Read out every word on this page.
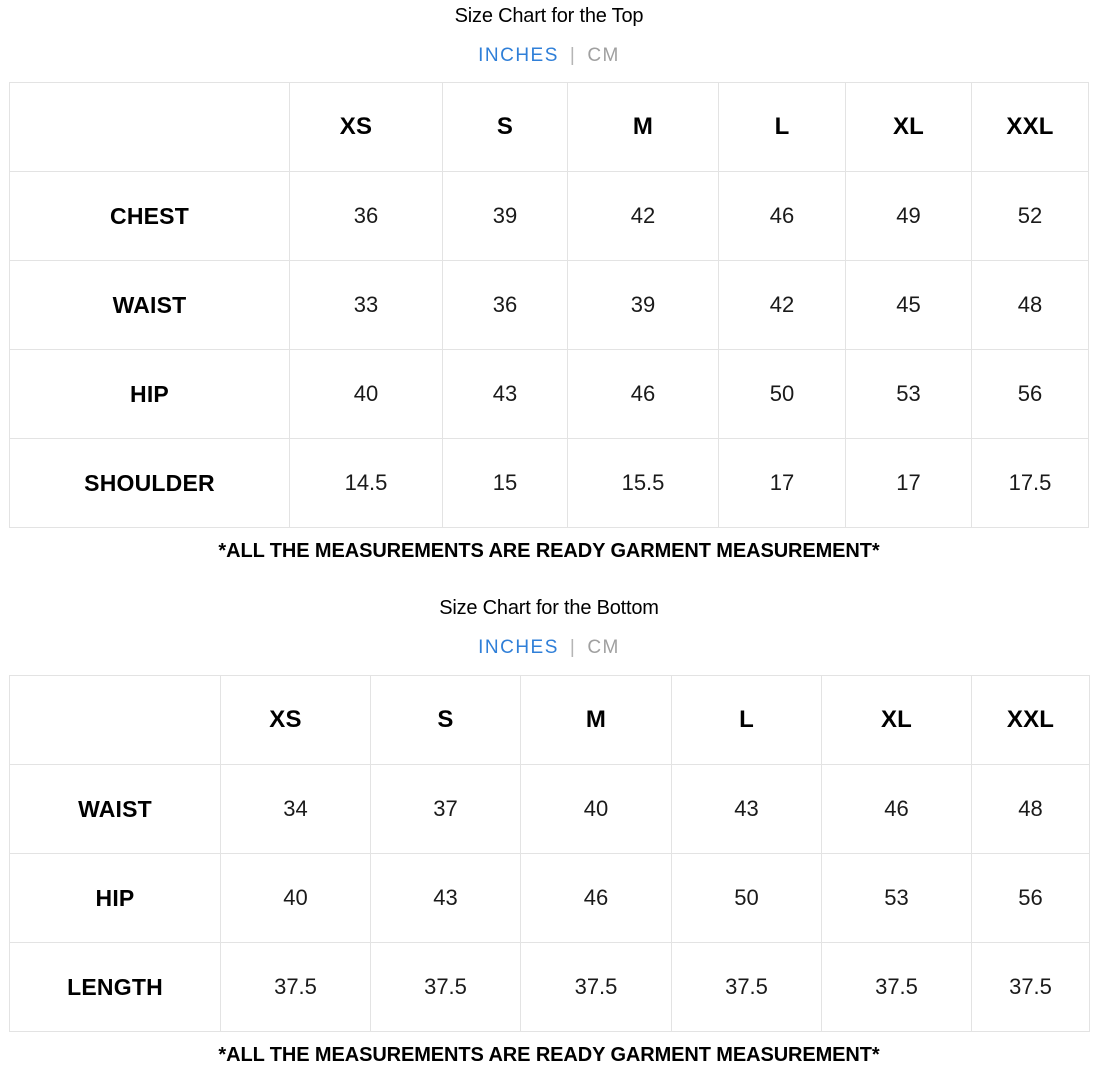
Size Chart for the Top
INCHES | CM
	XS	S	M	L	XL	XXL
CHEST	36	39	42	46	49	52
WAIST	33	36	39	42	45	48
HIP	40	43	46	50	53	56
SHOULDER	14.5	15	15.5	17	17	17.5
*ALL THE MEASUREMENTS ARE READY GARMENT MEASUREMENT*
Size Chart for the Bottom
INCHES | CM
	XS	S	M	L	XL	XXL
WAIST	34	37	40	43	46	48
HIP	40	43	46	50	53	56
LENGTH	37.5	37.5	37.5	37.5	37.5	37.5
*ALL THE MEASUREMENTS ARE READY GARMENT MEASUREMENT*
